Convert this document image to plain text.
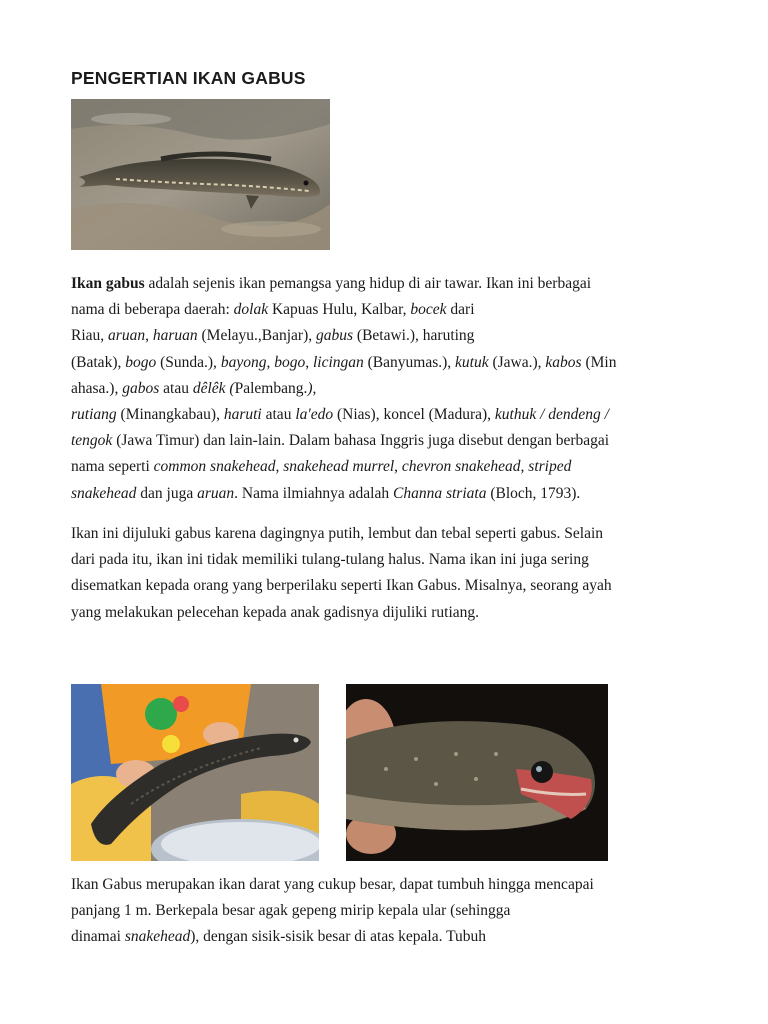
PENGERTIAN IKAN GABUS

Ikan gabus adalah sejenis ikan pemangsa yang hidup di air tawar. Ikan ini berbagai
nama di beberapa daerah: dolak Kapuas Hulu, Kalbar, bocek dari
Riau, aruan, haruan (Melayu.,Banjar), gabus (Betawi.), haruting
(Batak), bogo (Sunda.), bayong, bogo, licingan (Banyumas.), kutuk (Jawa.), kabos (Min
ahasa.), gabos atau dêlêk (Palembang.),
rutiang (Minangkabau), haruti atau la'edo (Nias), koncel (Madura), kuthuk / dendeng /
tengok (Jawa Timur) dan lain-lain. Dalam bahasa Inggris juga disebut dengan berbagai
nama seperti common snakehead, snakehead murrel, chevron snakehead, striped
snakehead dan juga aruan. Nama ilmiahnya adalah Channa striata (Bloch, 1793).

Ikan ini dijuluki gabus karena dagingnya putih, lembut dan tebal seperti gabus. Selain
dari pada itu, ikan ini tidak memiliki tulang-tulang halus. Nama ikan ini juga sering
disematkan kepada orang yang berperilaku seperti Ikan Gabus. Misalnya, seorang ayah
yang melakukan pelecehan kepada anak gadisnya dijuliki rutiang.

Ikan Gabus merupakan ikan darat yang cukup besar, dapat tumbuh hingga mencapai
panjang 1 m. Berkepala besar agak gepeng mirip kepala ular (sehingga
dinamai snakehead), dengan sisik-sisik besar di atas kepala. Tubuh
